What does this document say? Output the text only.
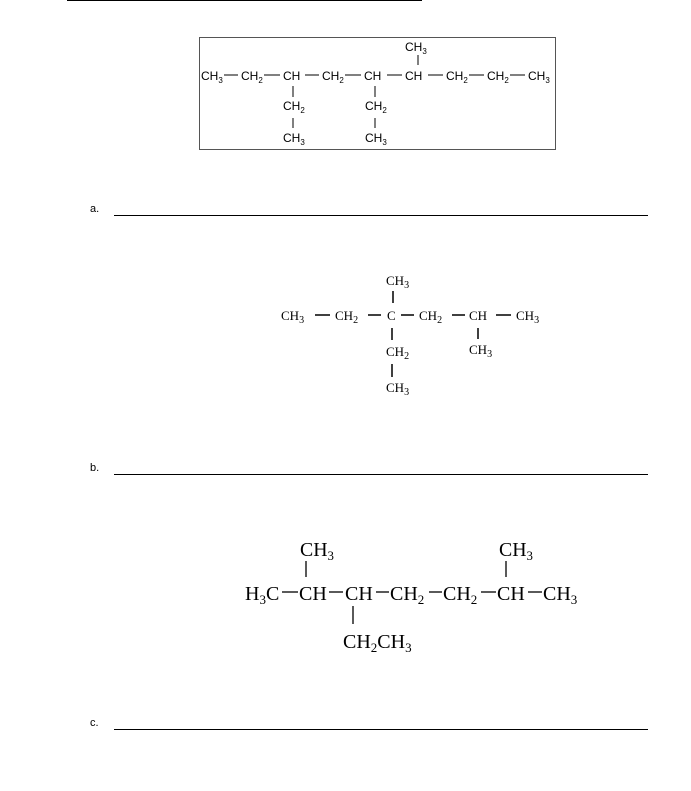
$CH_3$
$CH_3$ $CH_2$ CH $CH_2$ CH CH $CH_2$ $CH_2$ $CH_3$
$CH_2$
$CH_3$
$CH_2$
$CH_3$
$CH_3$
$CH_3$ $CH_2$ C $CH_2$ CH $CH_3$
$CH_2$
$CH_3$
$CH_3$
$CH_3$	$CH_3$
$H_3C$ CH CH $CH_2$ $CH_2$ CH $CH_3$
$CH_2CH_3$
a.
b.
c.
